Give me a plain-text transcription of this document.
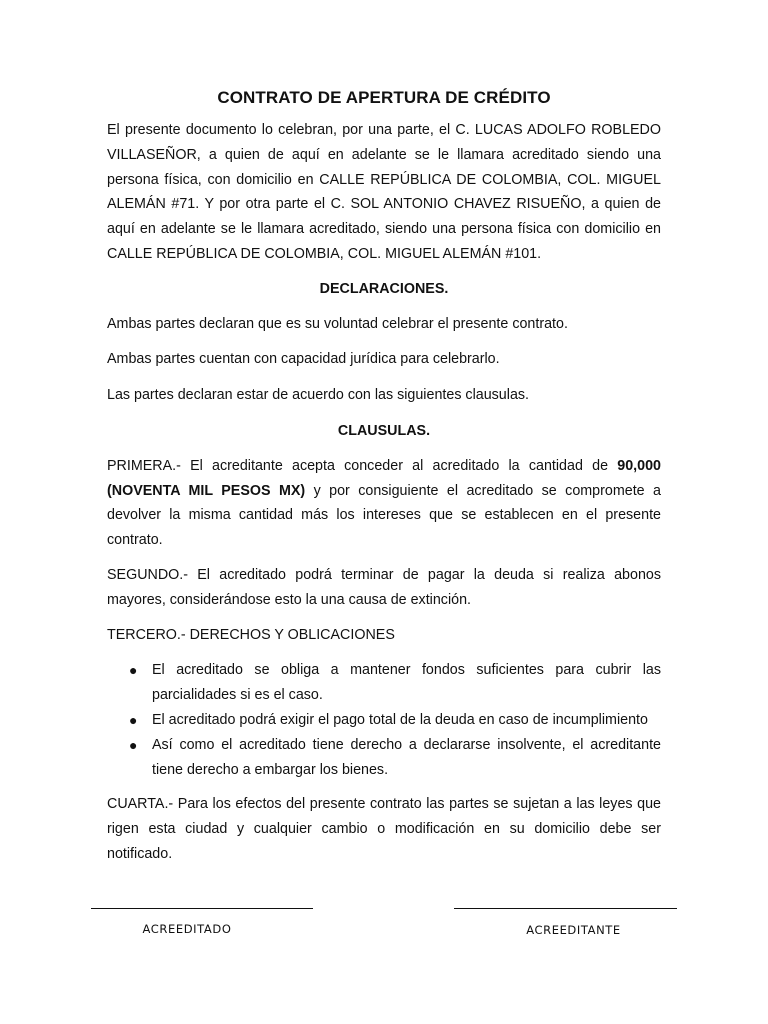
CONTRATO DE APERTURA DE CRÉDITO

El presente documento lo celebran, por una parte, el C. LUCAS ADOLFO ROBLEDO VILLASEÑOR, a quien de aquí en adelante se le llamara acreditado siendo una persona física, con domicilio en CALLE REPÚBLICA DE COLOMBIA, COL. MIGUEL ALEMÁN #71. Y por otra parte el C. SOL ANTONIO CHAVEZ RISUEÑO, a quien de aquí en adelante se le llamara acreditado, siendo una persona física con domicilio en CALLE REPÚBLICA DE COLOMBIA, COL. MIGUEL ALEMÁN #101.

DECLARACIONES.

Ambas partes declaran que es su voluntad celebrar el presente contrato.

Ambas partes cuentan con capacidad jurídica para celebrarlo.

Las partes declaran estar de acuerdo con las siguientes clausulas.

CLAUSULAS.

PRIMERA.- El acreditante acepta conceder al acreditado la cantidad de 90,000 (NOVENTA MIL PESOS MX) y por consiguiente el acreditado se compromete a devolver la misma cantidad más los intereses que se establecen en el presente contrato.

SEGUNDO.- El acreditado podrá terminar de pagar la deuda si realiza abonos mayores, considerándose esto la una causa de extinción.

TERCERO.- DERECHOS Y OBLICACIONES

● El acreditado se obliga a mantener fondos suficientes para cubrir las parcialidades si es el caso.
● El acreditado podrá exigir el pago total de la deuda en caso de incumplimiento
● Así como el acreditado tiene derecho a declararse insolvente, el acreditante tiene derecho a embargar los bienes.

CUARTA.- Para los efectos del presente contrato las partes se sujetan a las leyes que rigen esta ciudad y cualquier cambio o modificación en su domicilio debe ser notificado.

ACREEDITADO	ACREEDITANTE
